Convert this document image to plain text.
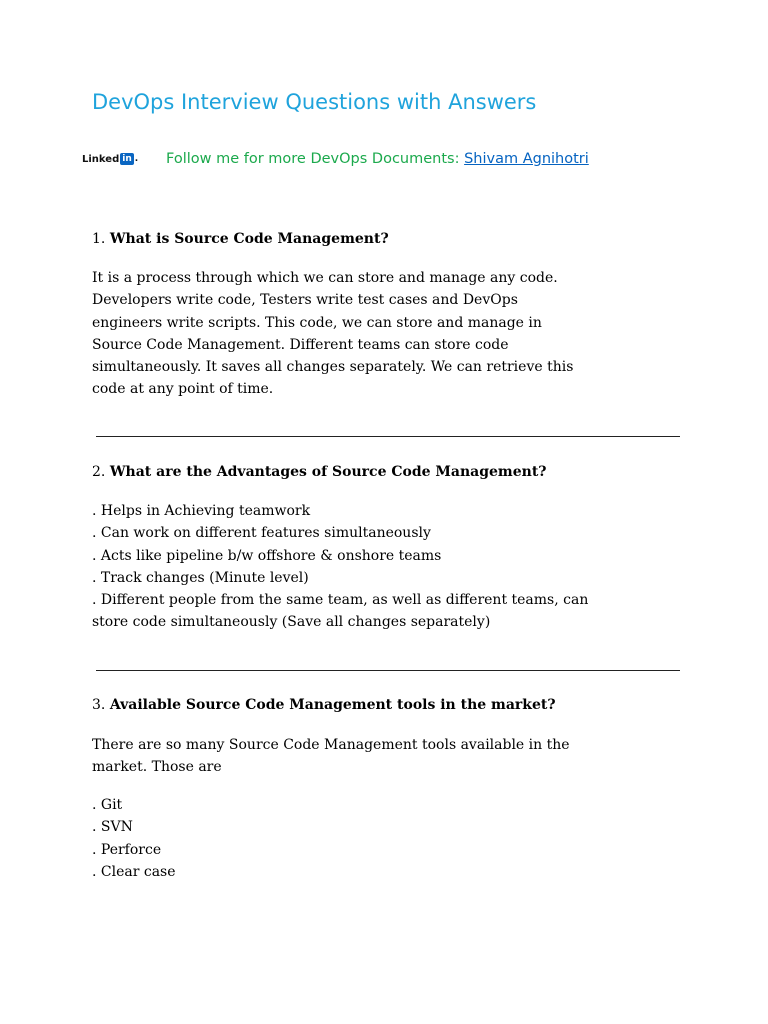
DevOps Interview Questions with Answers
Linked in . Follow me for more DevOps Documents: Shivam Agnihotri
1. What is Source Code Management?
It is a process through which we can store and manage any code.
Developers write code, Testers write test cases and DevOps
engineers write scripts. This code, we can store and manage in
Source Code Management. Different teams can store code
simultaneously. It saves all changes separately. We can retrieve this
code at any point of time.
2. What are the Advantages of Source Code Management?
. Helps in Achieving teamwork
. Can work on different features simultaneously
. Acts like pipeline b/w offshore & onshore teams
. Track changes (Minute level)
. Different people from the same team, as well as different teams, can
store code simultaneously (Save all changes separately)
3. Available Source Code Management tools in the market?
There are so many Source Code Management tools available in the
market. Those are
. Git
. SVN
. Perforce
. Clear case
